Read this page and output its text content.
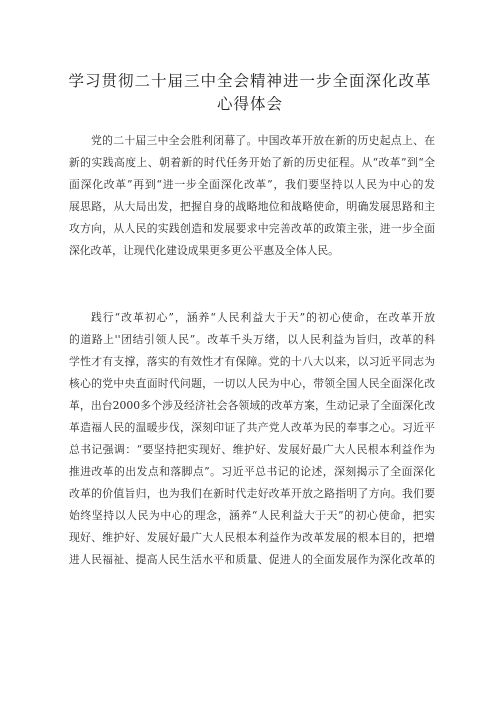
学习贯彻二十届三中全会精神进一步全面深化改革
心得体会
党的二十届三中全会胜利闭幕了。中国改革开放在新的历史起点上、在
新的实践高度上、朝着新的时代任务开始了新的历史征程。从“改革”到“全
面深化改革”再到“进一步全面深化改革”，我们要坚持以人民为中心的发
展思路，从大局出发，把握自身的战略地位和战略使命，明确发展思路和主
攻方向，从人民的实践创造和发展要求中完善改革的政策主张，进一步全面
深化改革，让现代化建设成果更多更公平惠及全体人民。
践行“改革初心”，涵养“人民利益大于天”的初心使命，在改革开放
的道路上''团结引领人民”。改革千头万绪，以人民利益为旨归，改革的科
学性才有支撑，落实的有效性才有保障。党的十八大以来，以习近平同志为
核心的党中央直面时代问题，一切以人民为中心，带领全国人民全面深化改
革，出台2000多个涉及经济社会各领域的改革方案，生动记录了全面深化改
革造福人民的温暖步伐，深刻印证了共产党人改革为民的奉事之心。习近平
总书记强调：“要坚持把实现好、维护好、发展好最广大人民根本利益作为
推进改革的出发点和落脚点”。习近平总书记的论述，深刻揭示了全面深化
改革的价值旨归，也为我们在新时代走好改革开放之路指明了方向。我们要
始终坚持以人民为中心的理念，涵养“人民利益大于天”的初心使命，把实
现好、维护好、发展好最广大人民根本利益作为改革发展的根本目的，把增
进人民福祉、提高人民生活水平和质量、促进人的全面发展作为深化改革的
